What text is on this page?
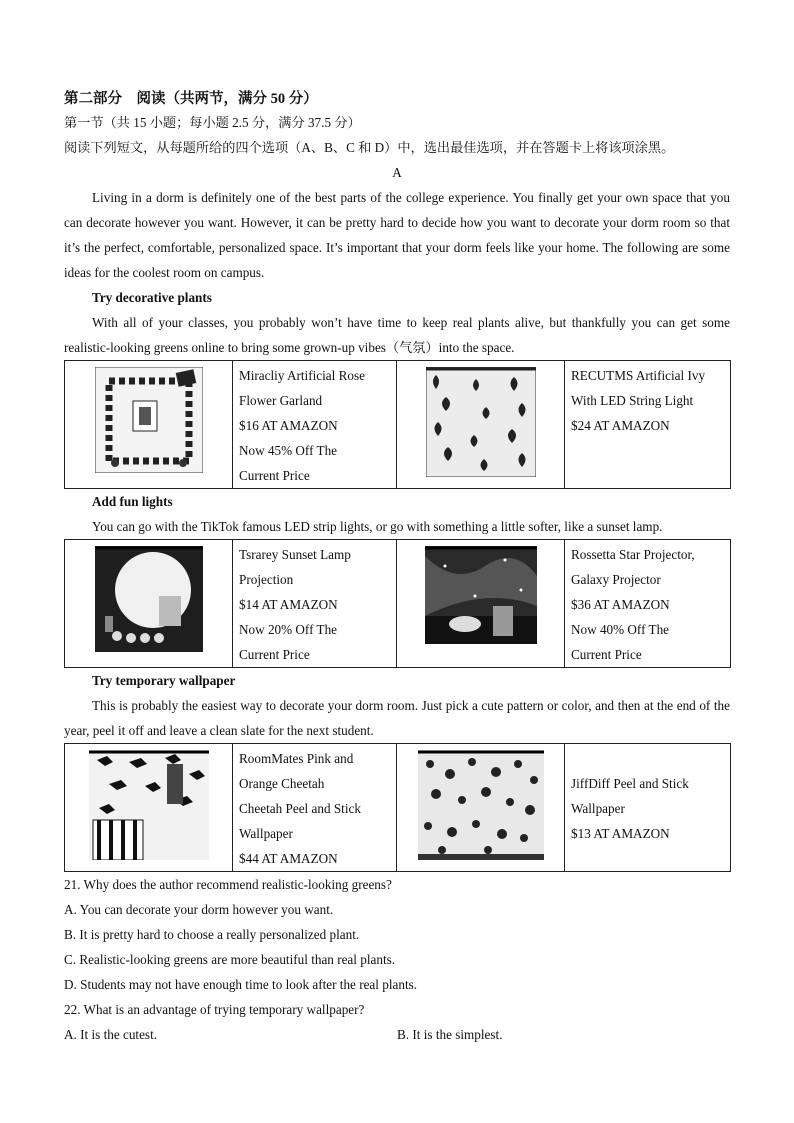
第二部分　阅读（共两节，满分 50 分）
第一节（共 15 小题；每小题 2.5 分，满分 37.5 分）
阅读下列短文，从每题所给的四个选项（A、B、C 和 D）中，选出最佳选项，并在答题卡上将该项涂黑。
A

Living in a dorm is definitely one of the best parts of the college experience. You finally get your own space that you can decorate however you want. However, it can be pretty hard to decide how you want to decorate your dorm room so that it’s the perfect, comfortable, personalized space. It’s important that your dorm feels like your home. The following are some ideas for the coolest room on campus.

Try decorative plants

With all of your classes, you probably won’t have time to keep real plants alive, but thankfully you can get some realistic-looking greens online to bring some grown-up vibes（气氛）into the space.

Miracliy Artificial Rose
Flower Garland
$16 AT AMAZON
Now 45% Off The
Current Price

RECUTMS Artificial Ivy
With LED String Light
$24 AT AMAZON
Add fun lights

You can go with the TikTok famous LED strip lights, or go with something a little softer, like a sunset lamp.

Tsrarey Sunset Lamp
Projection
$14 AT AMAZON
Now 20% Off The
Current Price

Rossetta Star Projector,
Galaxy Projector
$36 AT AMAZON
Now 40% Off The
Current Price
Try temporary wallpaper

This is probably the easiest way to decorate your dorm room. Just pick a cute pattern or color, and then at the end of the year, peel it off and leave a clean slate for the next student.

RoomMates Pink and
Orange Cheetah
Cheetah Peel and Stick
Wallpaper
$44 AT AMAZON

JiffDiff Peel and Stick
Wallpaper
$13 AT AMAZON
21. Why does the author recommend realistic-looking greens?
A. You can decorate your dorm however you want.
B. It is pretty hard to choose a really personalized plant.
C. Realistic-looking greens are more beautiful than real plants.
D. Students may not have enough time to look after the real plants.
22. What is an advantage of trying temporary wallpaper?
A. It is the cutest.	B. It is the simplest.
